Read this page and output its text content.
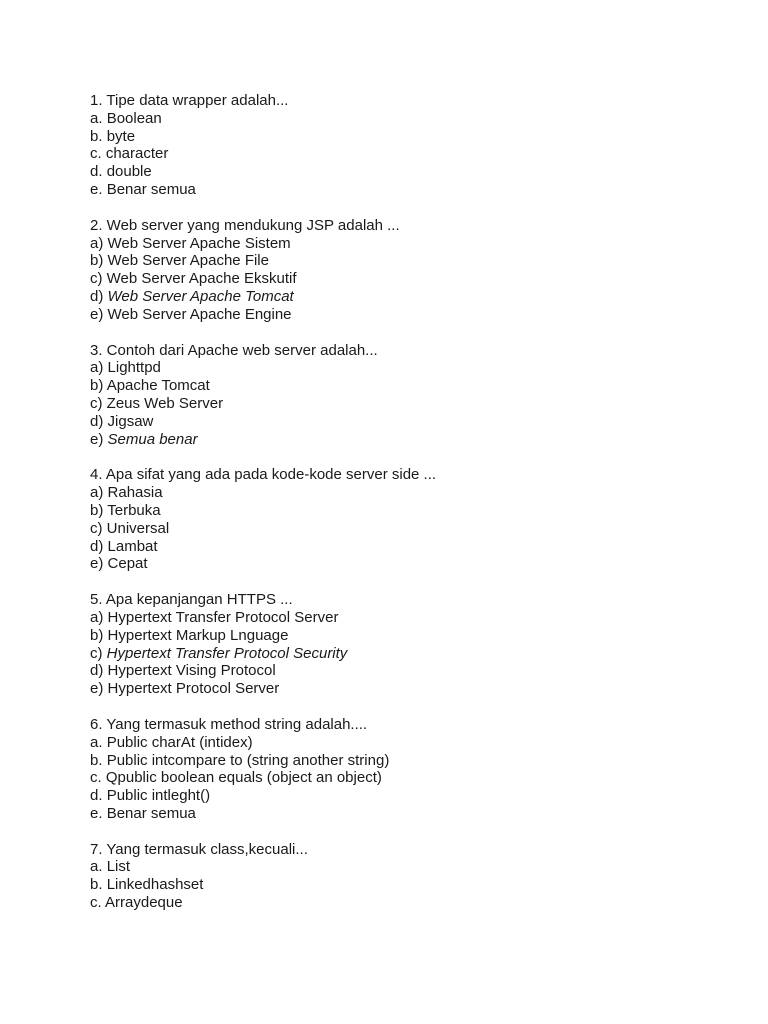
1. Tipe data wrapper adalah...

a. Boolean

b. byte

c. character

d. double

e. Benar semua

2. Web server yang mendukung JSP adalah ...

a) Web Server Apache Sistem

b) Web Server Apache File

c) Web Server Apache Ekskutif

d) Web Server Apache Tomcat

e) Web Server Apache Engine

3. Contoh dari Apache web server adalah...

a) Lighttpd

b) Apache Tomcat

c) Zeus Web Server

d) Jigsaw

e) Semua benar

4. Apa sifat yang ada pada kode-kode server side ...

a) Rahasia

b) Terbuka

c) Universal

d) Lambat

e) Cepat

5. Apa kepanjangan HTTPS ...

a) Hypertext Transfer Protocol Server

b) Hypertext Markup Lnguage

c) Hypertext Transfer Protocol Security

d) Hypertext Vising Protocol

e) Hypertext Protocol Server

6. Yang termasuk method string adalah....

a. Public charAt (intidex)

b. Public intcompare to (string another string)

c. Qpublic boolean equals (object an object)

d. Public intleght()

e. Benar semua

7. Yang termasuk class,kecuali...

a. List

b. Linkedhashset

c. Arraydeque
